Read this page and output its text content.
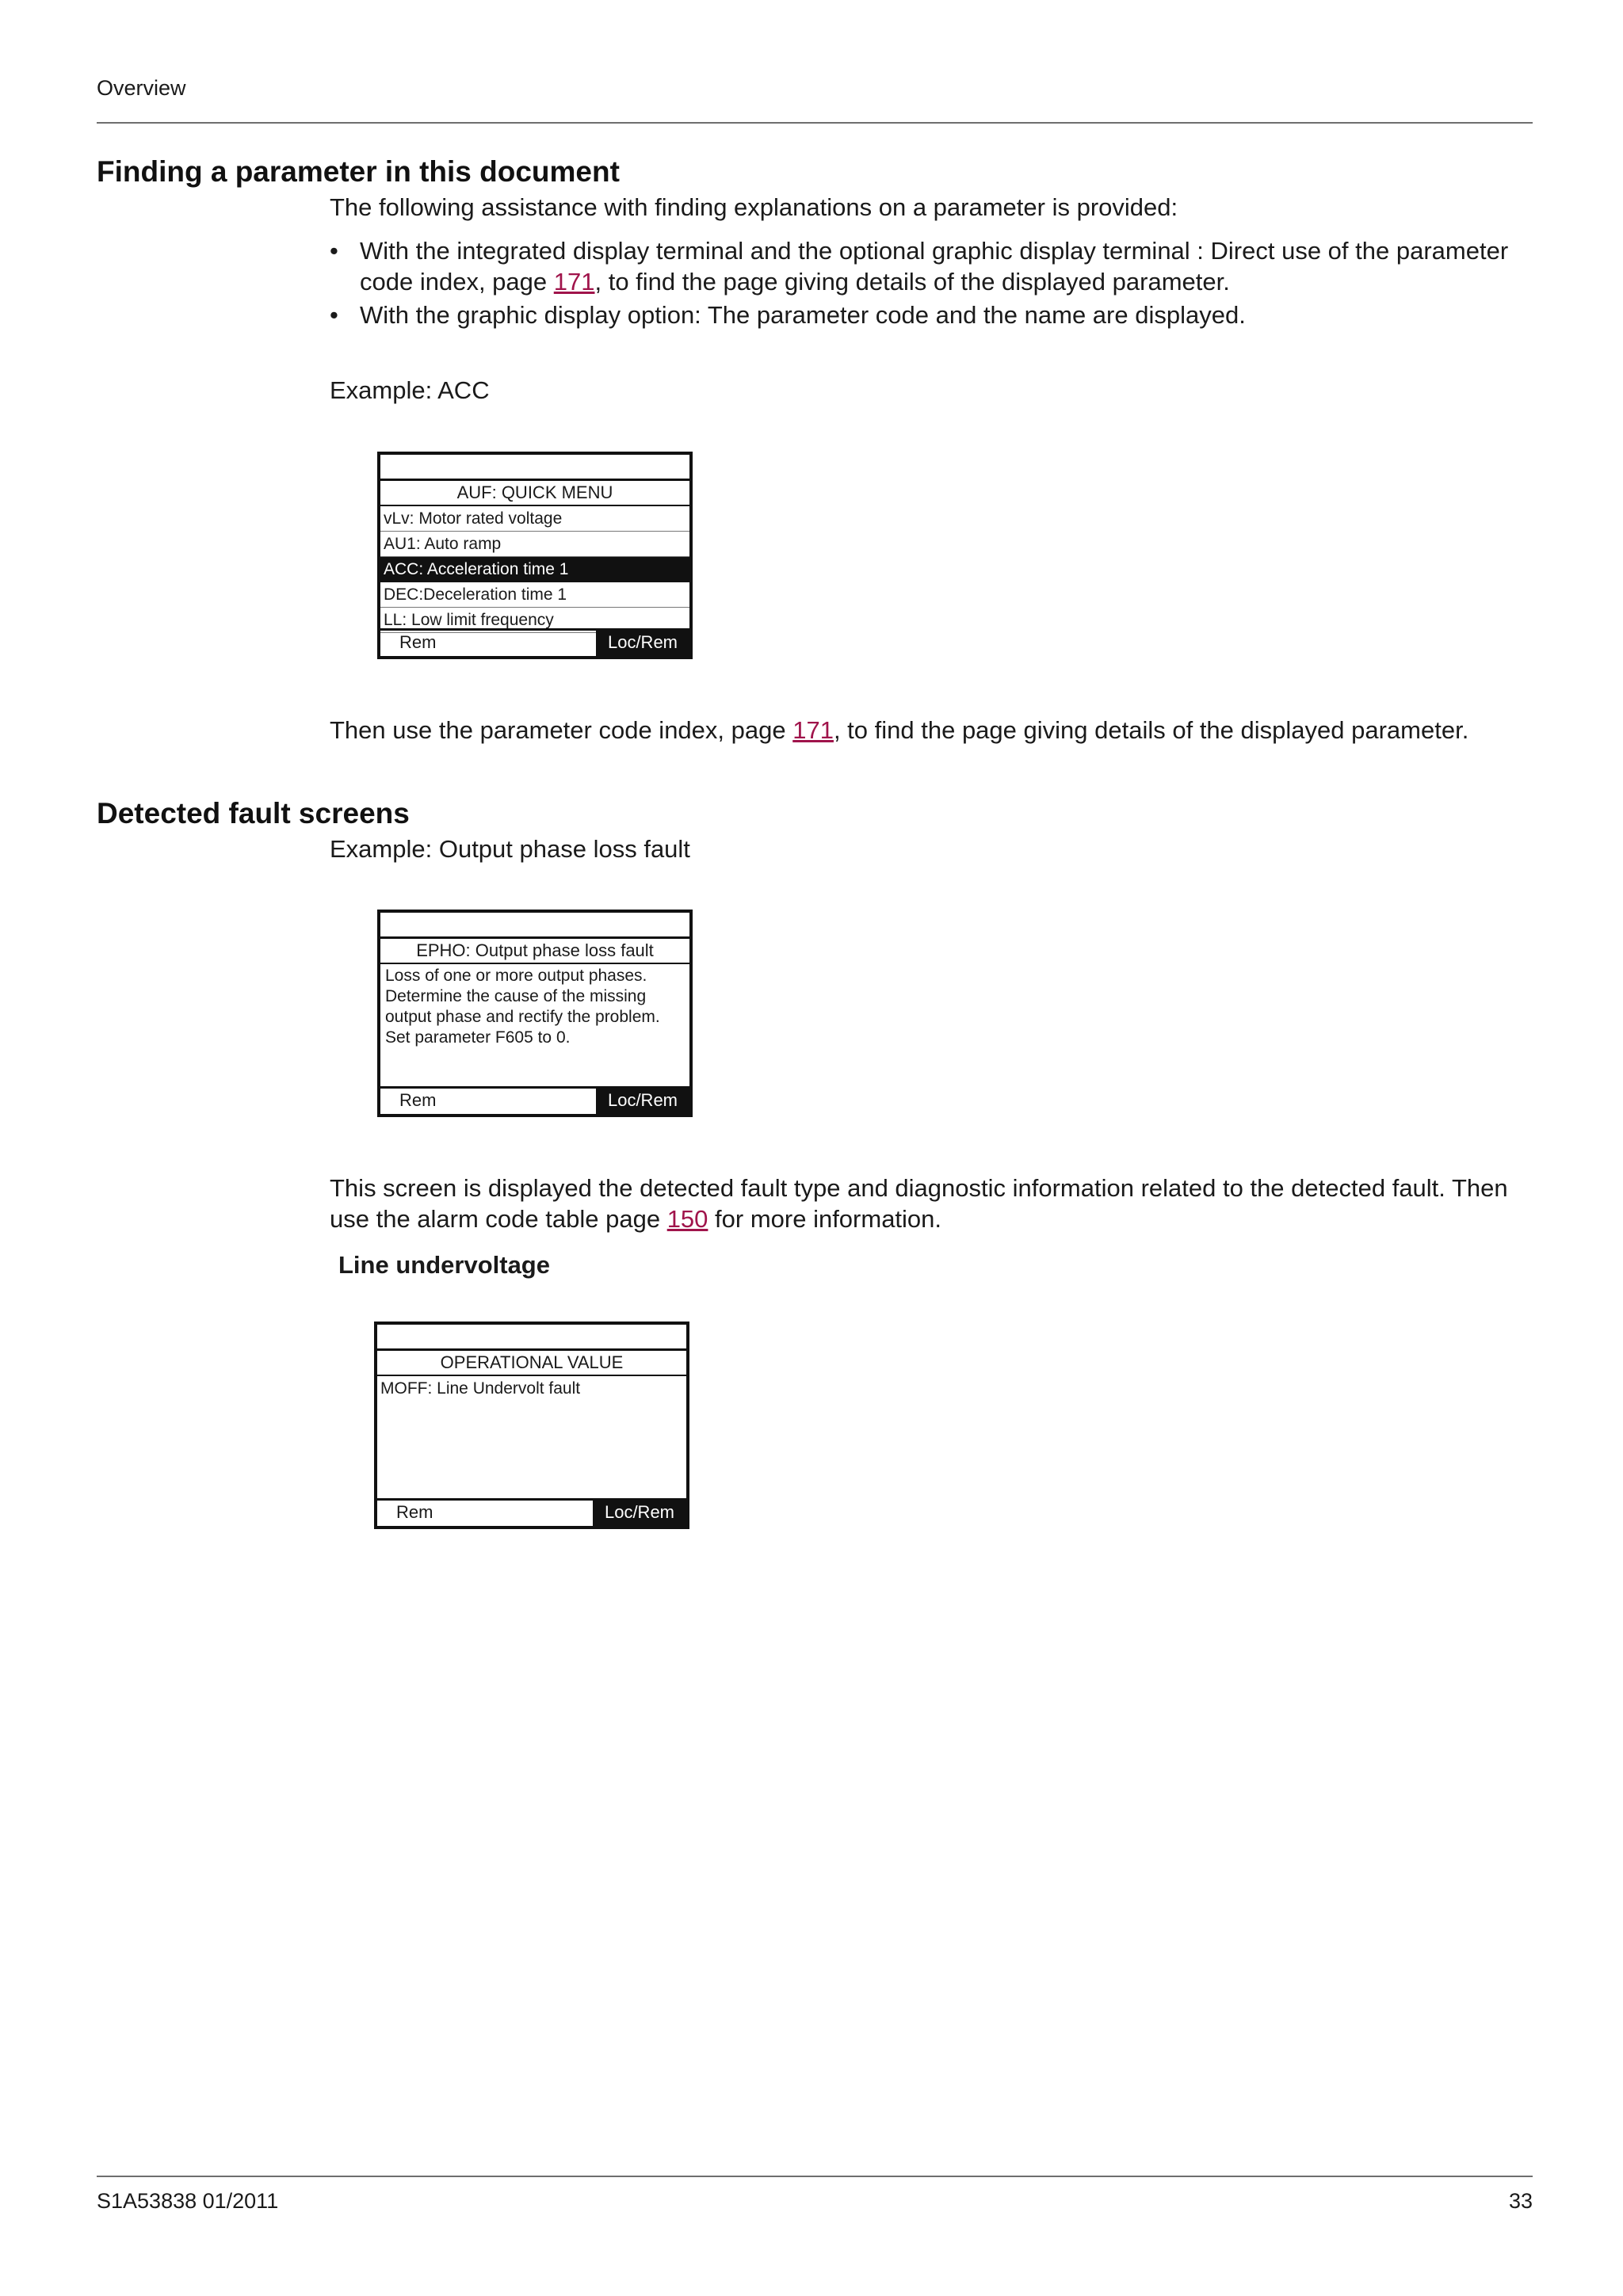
Overview
Finding a parameter in this document
The following assistance with finding explanations on a parameter is provided:
• With the integrated display terminal and the optional graphic display terminal : Direct use of the parameter code index, page 171, to find the page giving details of the displayed parameter.
• With the graphic display option: The parameter code and the name are displayed.
Example: ACC
AUF: QUICK MENU
vLv: Motor rated voltage
AU1: Auto ramp
ACC: Acceleration time 1
DEC:Deceleration time 1
LL: Low limit frequency
Rem	Loc/Rem
Then use the parameter code index, page 171, to find the page giving details of the displayed parameter.
Detected fault screens
Example: Output phase loss fault
EPHO: Output phase loss fault
Loss of one or more output phases.
Determine the cause of the missing
output phase and rectify the problem.
Set parameter F605 to 0.
Rem	Loc/Rem
This screen is displayed the detected fault type and diagnostic information related to the detected fault. Then use the alarm code table page 150 for more information.
Line undervoltage
OPERATIONAL VALUE
MOFF: Line Undervolt fault
Rem	Loc/Rem
S1A53838 01/2011	33
